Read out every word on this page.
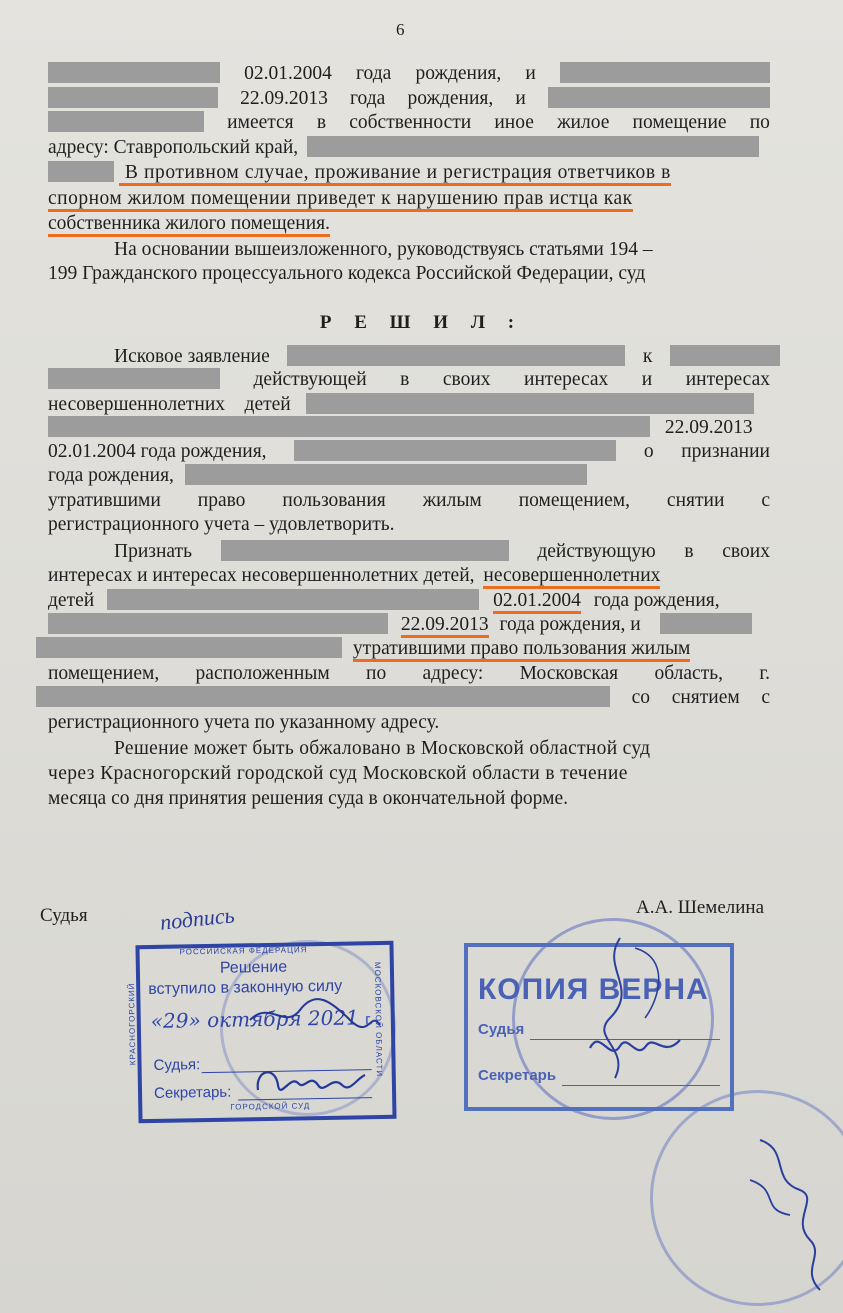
6
02.01.2004 года рождения, и
22.09.2013 года рождения, и
имеется в собственности иное жилое помещение по
адресу: Ставропольский край,
В противном случае, проживание и регистрация ответчиков в
спорном жилом помещении приведет к нарушению прав истца как
собственника жилого помещения.
На основании вышеизложенного, руководствуясь статьями 194 –
199 Гражданского процессуального кодекса Российской Федерации, суд
Р Е Ш И Л :
Исковое заявление	к
действующей в своих интересах и интересах
несовершеннолетних детей
22.09.2013
02.01.2004 года рождения,	о признании
года рождения,
утратившими право пользования жилым помещением, снятии с
регистрационного учета – удовлетворить.
Признать	действующую в своих
интересах и интересах несовершеннолетних детей, несовершеннолетних
детей	02.01.2004 года рождения,
22.09.2013 года рождения, и
утратившими право пользования жилым
помещением, расположенным по адресу: Московская область, г.
со снятием с
регистрационного учета по указанному адресу.
Решение может быть обжаловано в Московской областной суд
через Красногорский городской суд Московской области в течение
месяца со дня принятия решения суда в окончательной форме.
Судья	подпись	А.А. Шемелина
РОССИЙСКАЯ ФЕДЕРАЦИЯ
КРАСНОГОРСКИЙ
ГОРОДСКОЙ СУД
МОСКОВСКОЙ ОБЛАСТИ
Решение
вступило в законную силу
«29» октября 2021 г.
Судья:
Секретарь:
КОПИЯ ВЕРНА
Судья
Секретарь
